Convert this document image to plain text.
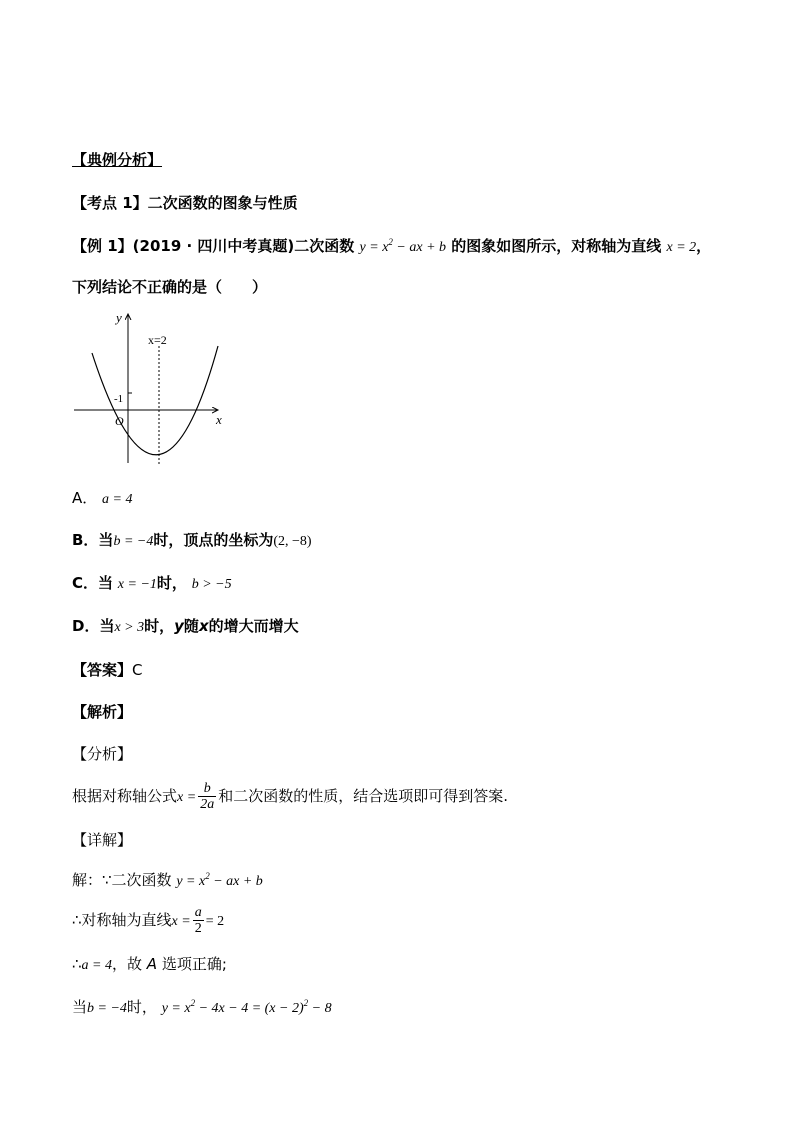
【典例分析】
【考点 1】二次函数的图象与性质
【例 1】(2019 · 四川中考真题)二次函数 $y = x^2$ − ax + b 的图象如图所示，对称轴为直线 x = 2，
下列结论不正确的是（　　）
y
x
O
-1
x=2
A． a = 4
B．当b = −4时，顶点的坐标为(2, −8)
C．当 x = −1时， b > −5
D．当x > 3时，y随x的增大而增大
【答案】C
【解析】
【分析】
根据对称轴公式$x = \frac{b}{2a}$ 和二次函数的性质，结合选项即可得到答案.
【详解】
解：∵二次函数 $y = x^2$ − ax + b
∴对称轴为直线$x = \frac{a}{2} = 2$
∴a = 4，故 A 选项正确;
当b = −4时， $y = x^2 - 4x - 4 = (x - 2)^2 - 8$
